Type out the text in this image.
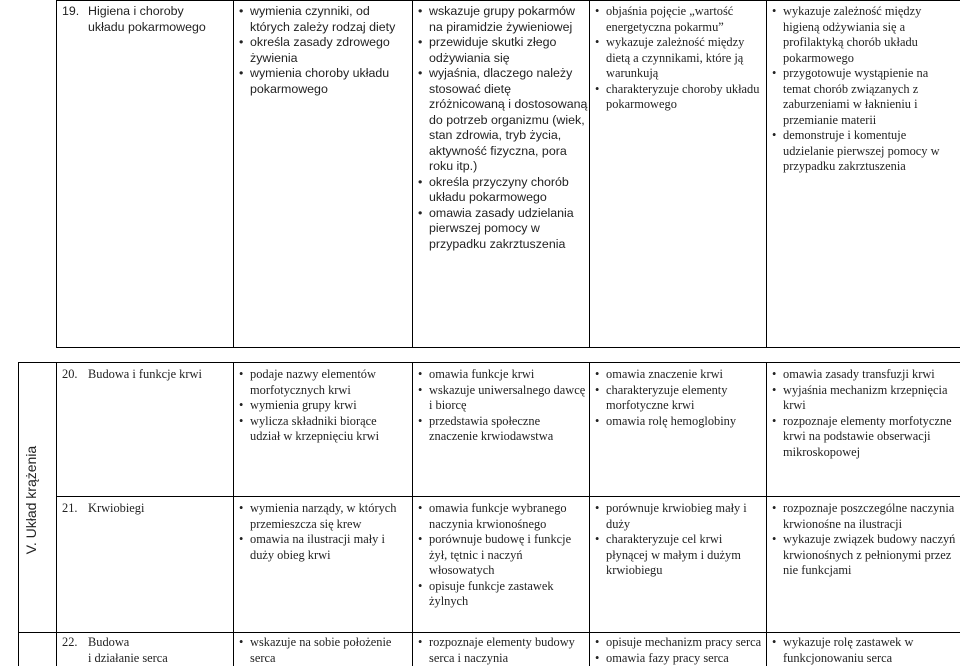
V. Układ krążenia
19. Higiena i choroby

układu pokarmowego

• wymienia czynniki, od których zależy rodzaj diety
• określa zasady zdrowego żywienia
• wymienia choroby układu pokarmowego
• wskazuje grupy pokarmów na piramidzie żywieniowej
• przewiduje skutki złego odżywiania się
• wyjaśnia, dlaczego należy stosować dietę zróżnicowaną i dostosowaną do potrzeb organizmu (wiek, stan zdrowia, tryb życia, aktywność fizyczna, pora roku itp.)
• określa przyczyny chorób układu pokarmowego
• omawia zasady udzielania pierwszej pomocy w przypadku zakrztuszenia
• objaśnia pojęcie „wartość energetyczna pokarmu”
• wykazuje zależność między dietą a czynnikami, które ją warunkują
• charakteryzuje choroby układu pokarmowego
• wykazuje zależność między higieną odżywiania się a profilaktyką chorób układu pokarmowego
• przygotowuje wystąpienie na temat chorób związanych z zaburzeniami w łaknieniu i przemianie materii
• demonstruje i komentuje udzielanie pierwszej pomocy w przypadku zakrztuszenia
20. Budowa i funkcje krwi	• podaje nazwy elementów morfotycznych krwi
• wymienia grupy krwi
• wylicza składniki biorące udział w krzepnięciu krwi
• omawia funkcje krwi
• wskazuje uniwersalnego dawcę i biorcę
• przedstawia społeczne znaczenie krwiodawstwa
• omawia znaczenie krwi
• charakteryzuje elementy morfotyczne krwi
• omawia rolę hemoglobiny
• omawia zasady transfuzji krwi
• wyjaśnia mechanizm krzepnięcia krwi
• rozpoznaje elementy morfotyczne krwi na podstawie obserwacji mikroskopowej
21. Krwiobiegi	• wymienia narządy, w których przemieszcza się krew
• omawia na ilustracji mały i duży obieg krwi
• omawia funkcje wybranego naczynia krwionośnego
• porównuje budowę i funkcje żył, tętnic i naczyń włosowatych
• opisuje funkcje zastawek żylnych
• porównuje krwiobieg mały i duży
• charakteryzuje cel krwi płynącej w małym i dużym krwiobiegu
• rozpoznaje poszczególne naczynia krwionośne na ilustracji
• wykazuje związek budowy naczyń krwionośnych z pełnionymi przez nie funkcjami
22. Budowa

i działanie serca

• wskazuje na sobie położenie serca
• rozpoznaje elementy budowy serca i naczynia
• opisuje mechanizm pracy serca
• omawia fazy pracy serca
• wykazuje rolę zastawek w funkcjonowaniu serca
